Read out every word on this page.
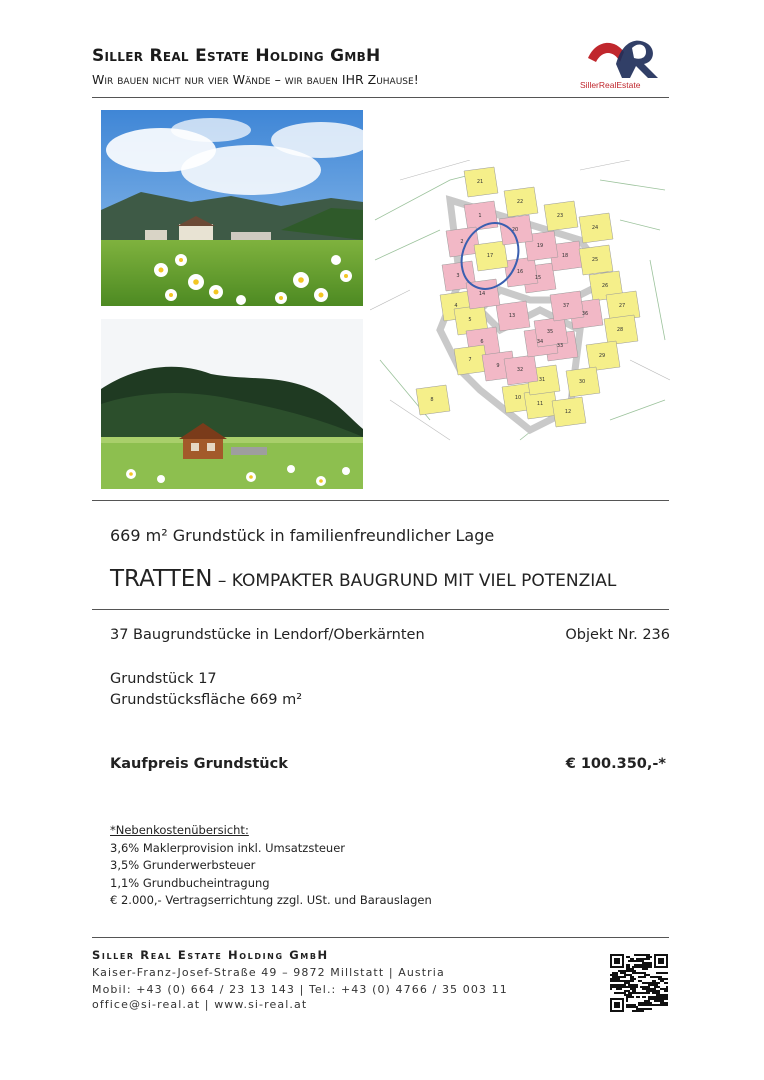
Siller Real Estate Holding GmbH
Wir bauen nicht nur vier Wände – wir bauen IHR Zuhause!	SillerRealEstate
1
2
3
4
5
6
7
8
9
10
11
12
13
14
15
16
17	18
19
20
21
22
23
24
25
26
27
28
29
30
31
32
33
34
35
36
37
669 m² Grundstück in familienfreundlicher Lage
TRATTEN – KOMPAKTER BAUGRUND MIT VIEL POTENZIAL
37 Baugrundstücke in Lendorf/Oberkärnten	Objekt Nr. 236
Grundstück 17
Grundstücksfläche 669 m²
Kaufpreis Grundstück	€ 100.350,-*
*Nebenkostenübersicht:
3,6% Maklerprovision inkl. Umsatzsteuer
3,5% Grunderwerbsteuer
1,1% Grundbucheintragung
€ 2.000,- Vertragserrichtung zzgl. USt. und Barauslagen
Siller Real Estate Holding GmbH
Kaiser-Franz-Josef-Straße 49 – 9872 Millstatt | Austria
Mobil: +43 (0) 664 / 23 13 143 | Tel.: +43 (0) 4766 / 35 003 11
office@si-real.at | www.si-real.at
